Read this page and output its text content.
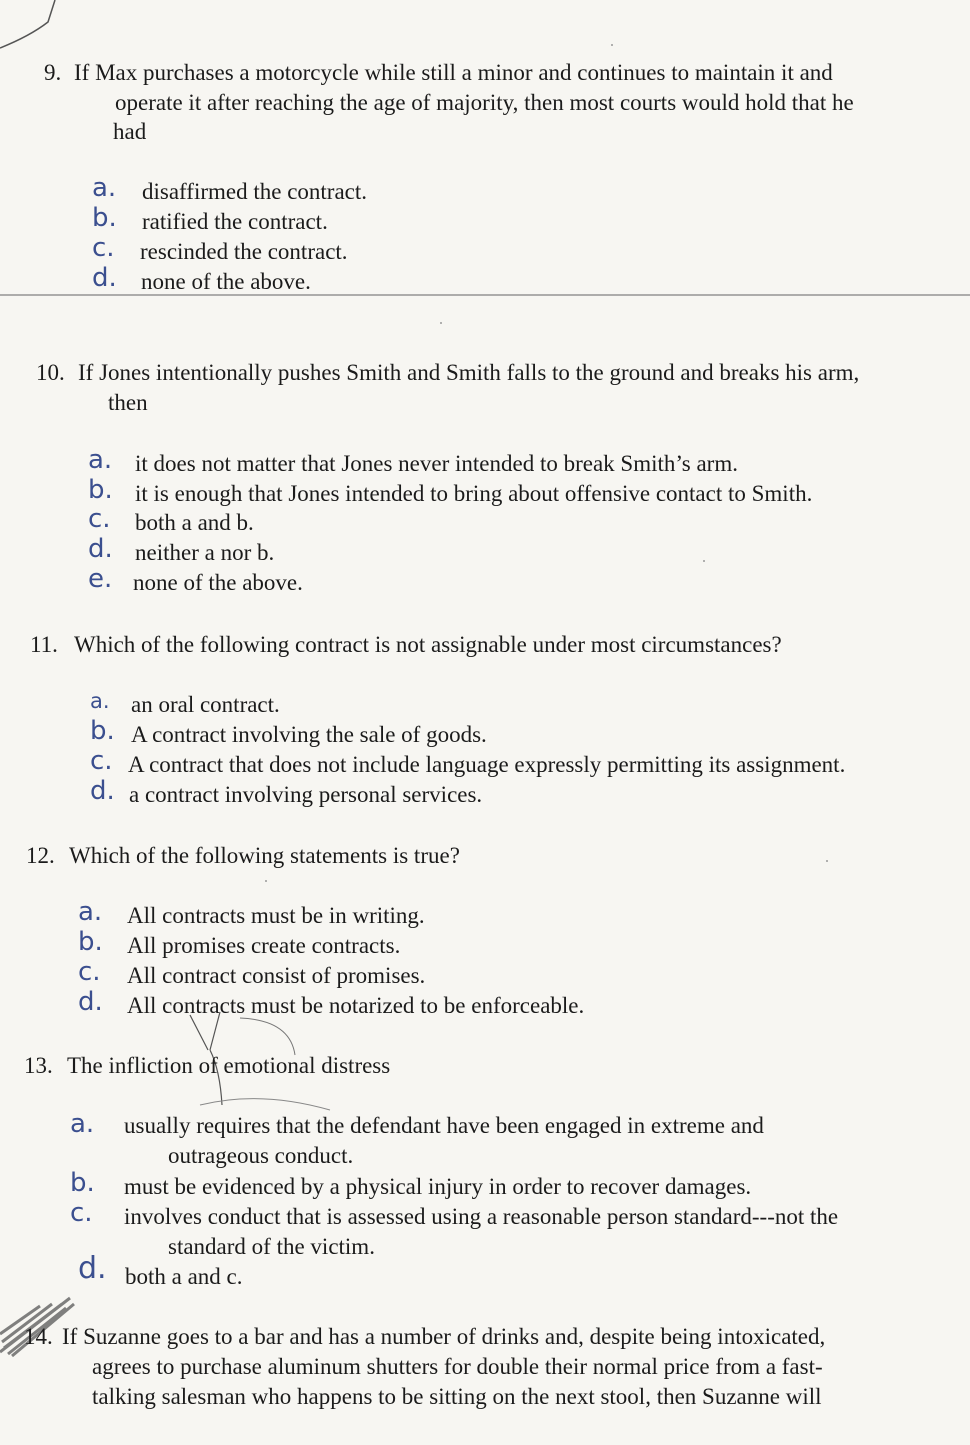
9. If Max purchases a motorcycle while still a minor and continues to maintain it and
operate it after reaching the age of majority, then most courts would hold that he
had
a. disaffirmed the contract.
b. ratified the contract.
c. rescinded the contract.
d. none of the above.
10. If Jones intentionally pushes Smith and Smith falls to the ground and breaks his arm,
then
a. it does not matter that Jones never intended to break Smith’s arm.
b. it is enough that Jones intended to bring about offensive contact to Smith.
c. both a and b.
d. neither a nor b.
e. none of the above.
11. Which of the following contract is not assignable under most circumstances?
a. an oral contract.
b. A contract involving the sale of goods.
c. A contract that does not include language expressly permitting its assignment.
d. a contract involving personal services.
12. Which of the following statements is true?
a. All contracts must be in writing.
b. All promises create contracts.
c. All contract consist of promises.
d. All contracts must be notarized to be enforceable.
13. The infliction of emotional distress
a. usually requires that the defendant have been engaged in extreme and
outrageous conduct.
b. must be evidenced by a physical injury in order to recover damages.
c. involves conduct that is assessed using a reasonable person standard---not the
standard of the victim.
d. both a and c.
14. If Suzanne goes to a bar and has a number of drinks and, despite being intoxicated,
agrees to purchase aluminum shutters for double their normal price from a fast-
talking salesman who happens to be sitting on the next stool, then Suzanne will
